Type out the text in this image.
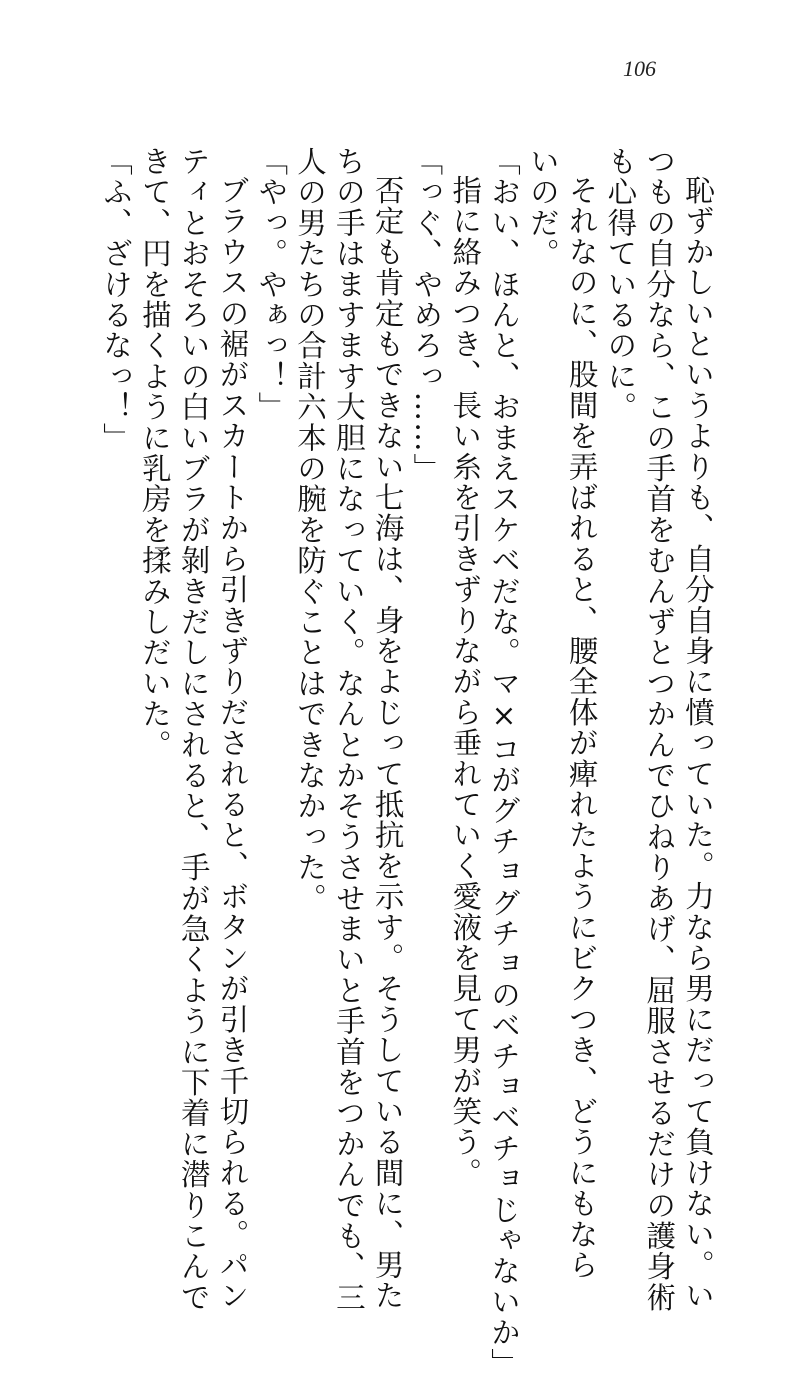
106
恥ずかしいというよりも、自分自身に憤っていた。力なら男にだって負けない。い
つもの自分なら、この手首をむんずとつかんでひねりあげ、屈服させるだけの護身術
も心得ているのに。
それなのに、股間を弄ばれると、腰全体が痺れたようにビクつき、どうにもなら
いのだ。
「おい、ほんと、おまえスケベだな。マ×コがグチョグチョのベチョベチョじゃないか」
指に絡みつき、長い糸を引きずりながら垂れていく愛液を見て男が笑う。
「っぐ、やめろっ……」
否定も肯定もできない七海は、身をよじって抵抗を示す。そうしている間に、男た
ちの手はますます大胆になっていく。なんとかそうさせまいと手首をつかんでも、三
人の男たちの合計六本の腕を防ぐことはできなかった。
「やっ。やぁっ！」
ブラウスの裾がスカートから引きずりだされると、ボタンが引き千切られる。パン
ティとおそろいの白いブラが剝きだしにされると、手が急くように下着に潜りこんで
きて、円を描くように乳房を揉みしだいた。
「ふ、ざけるなっ！」
